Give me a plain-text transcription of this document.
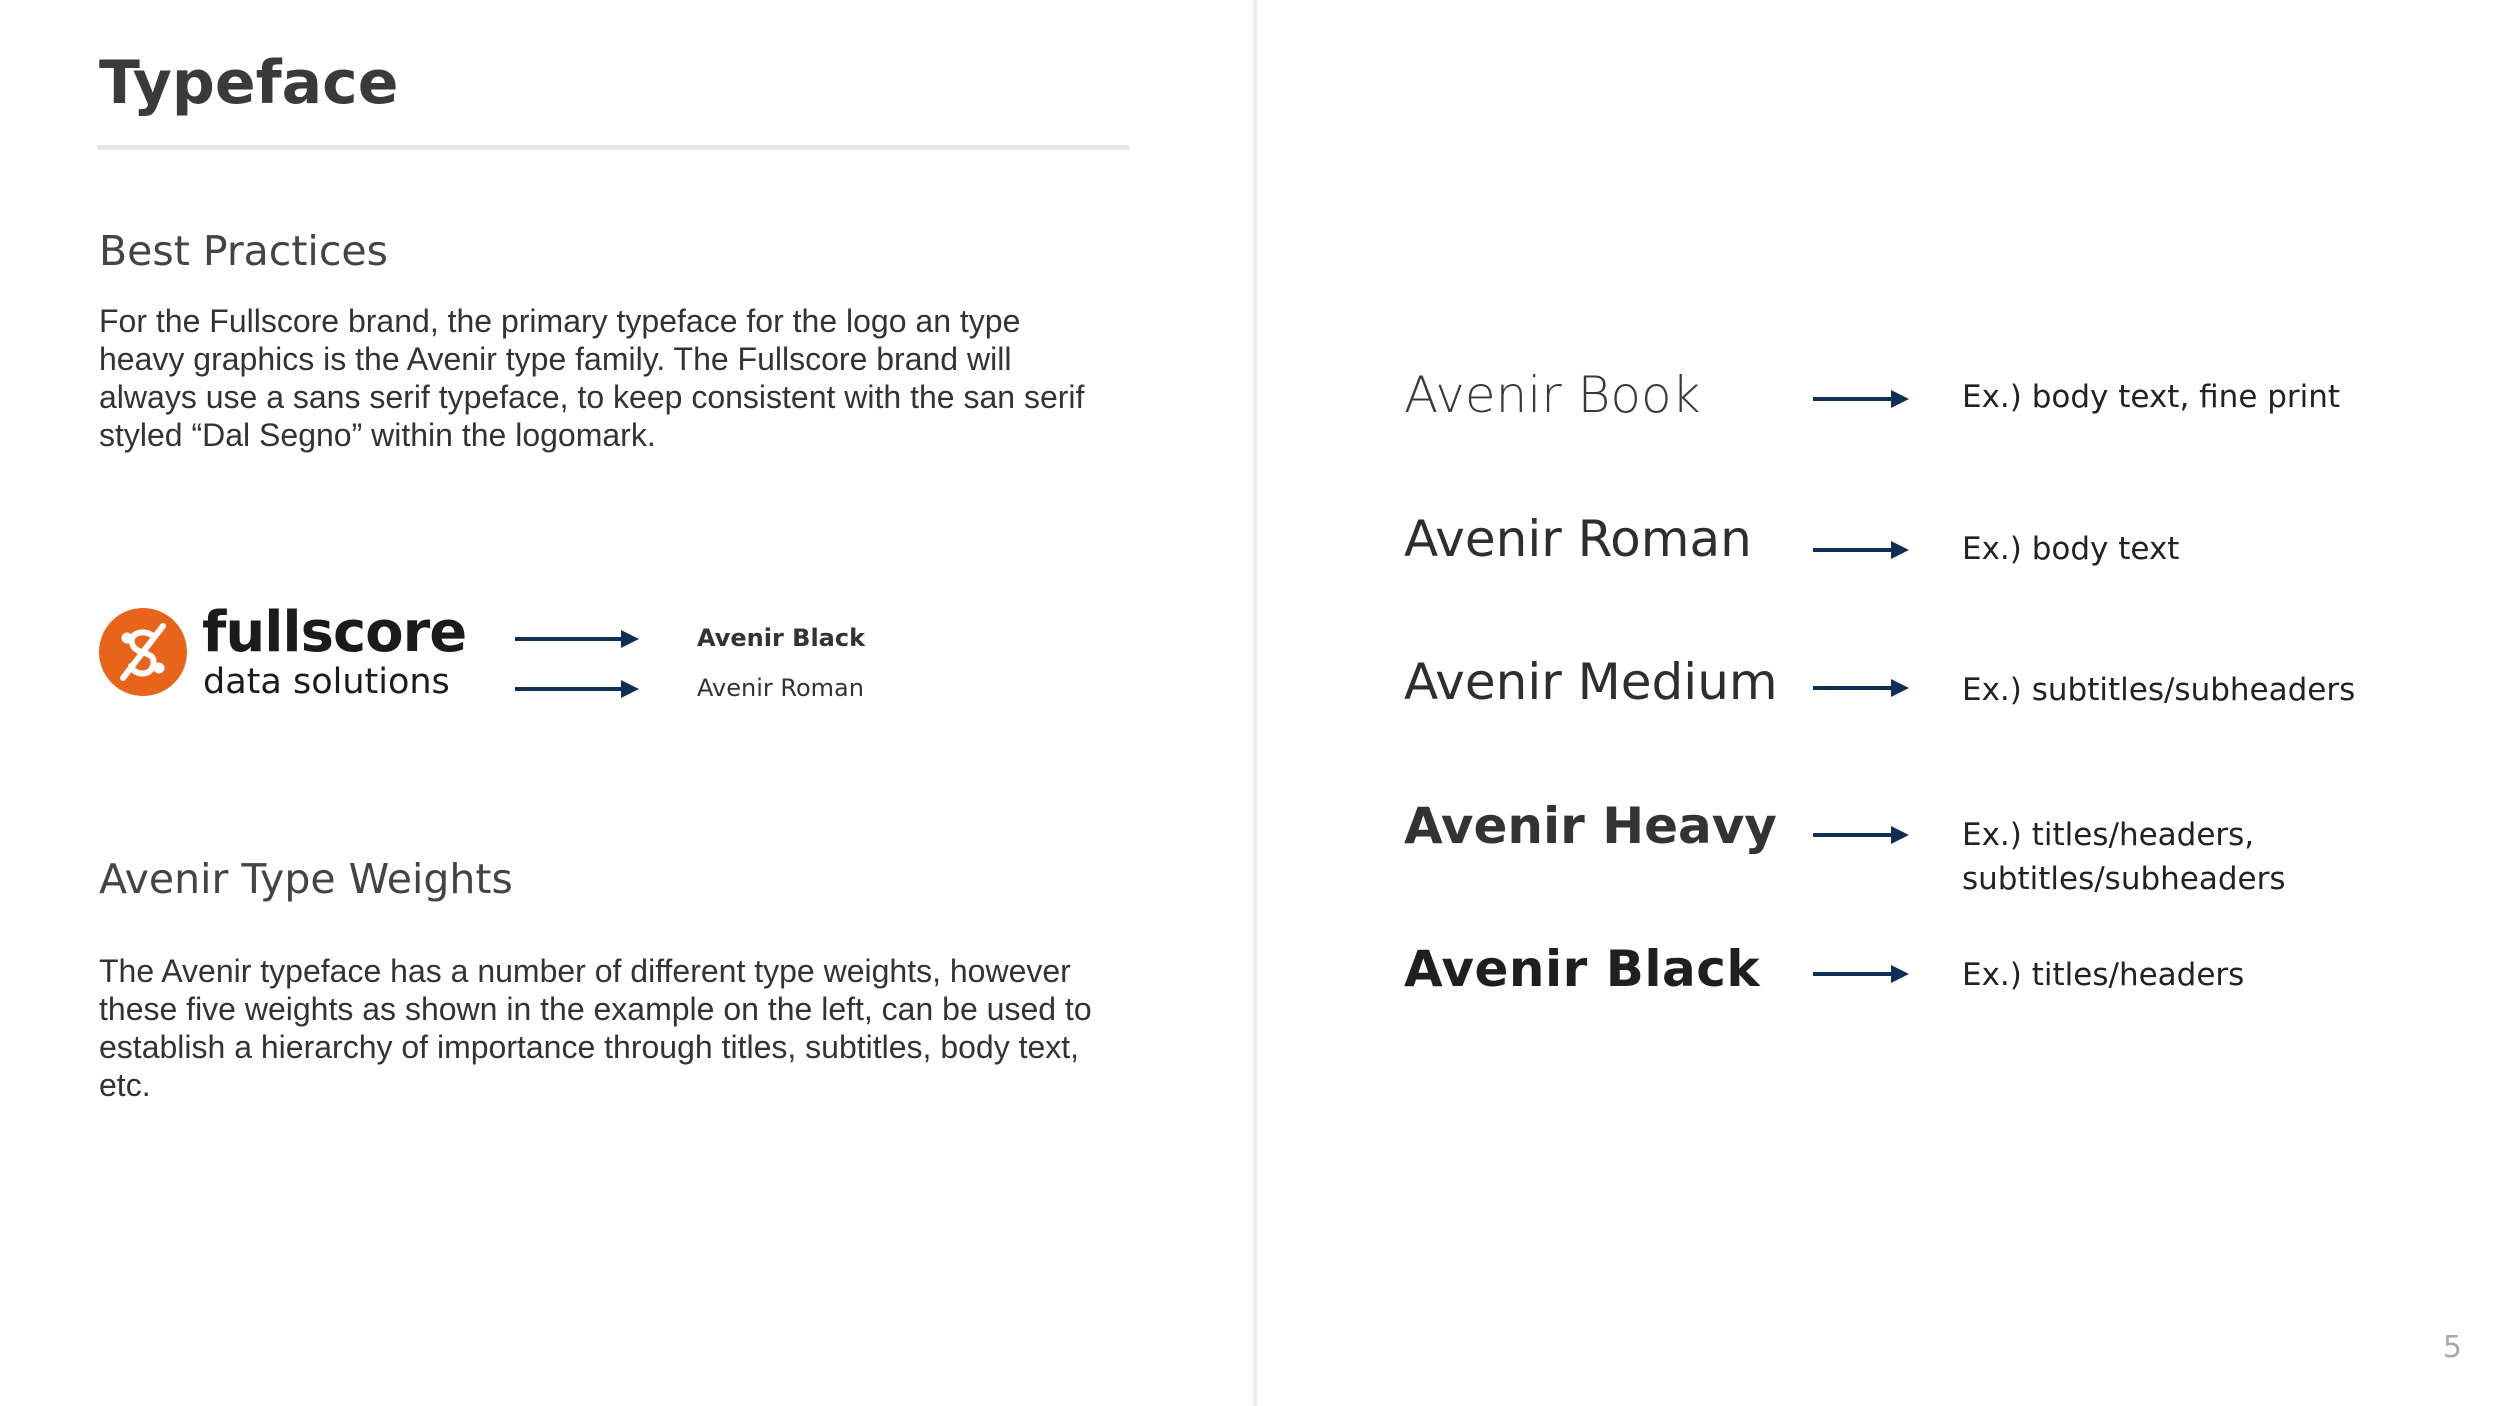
Typeface
Best Practices
For the Fullscore brand, the primary typeface for the logo an type heavy graphics is the Avenir type family. The Fullscore brand will always use a sans serif typeface, to keep consistent with the san serif styled “Dal Segno” within the logomark.
fullscore
data solutions
Avenir Black
Avenir Roman
Avenir Type Weights
The Avenir typeface has a number of different type weights, however these five weights as shown in the example on the left, can be used to establish a hierarchy of importance through titles, subtitles, body text, etc.
Avenir Book	Ex.) body text, fine print
Avenir Roman	Ex.) body text
Avenir Medium	Ex.) subtitles/subheaders
Avenir Heavy	Ex.) titles/headers,
subtitles/subheaders
Avenir Black	Ex.) titles/headers
5
